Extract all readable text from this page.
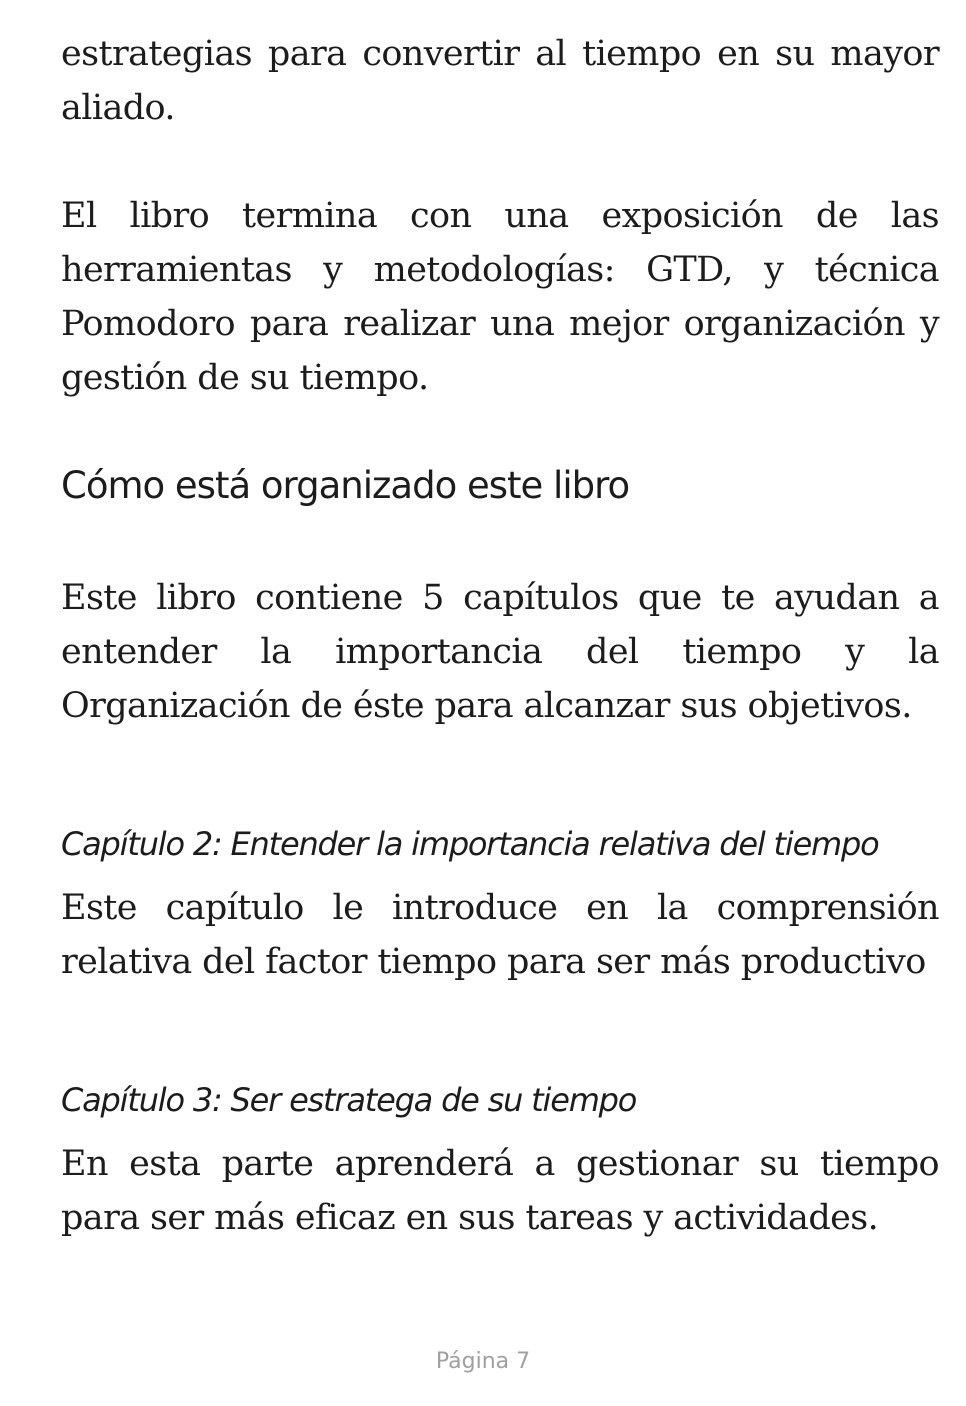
estrategias para convertir al tiempo en su mayor aliado.

El libro termina con una exposición de las herramientas y metodologías: GTD, y técnica Pomodoro para realizar una mejor organización y gestión de su tiempo.

Cómo está organizado este libro

Este libro contiene 5 capítulos que te ayudan a entender la importancia del tiempo y la Organización de éste para alcanzar sus objetivos.

Capítulo 2: Entender la importancia relativa del tiempo

Este capítulo le introduce en la comprensión relativa del factor tiempo para ser más productivo

Capítulo 3: Ser estratega de su tiempo

En esta parte aprenderá a gestionar su tiempo para ser más eficaz en sus tareas y actividades.

Página 7
